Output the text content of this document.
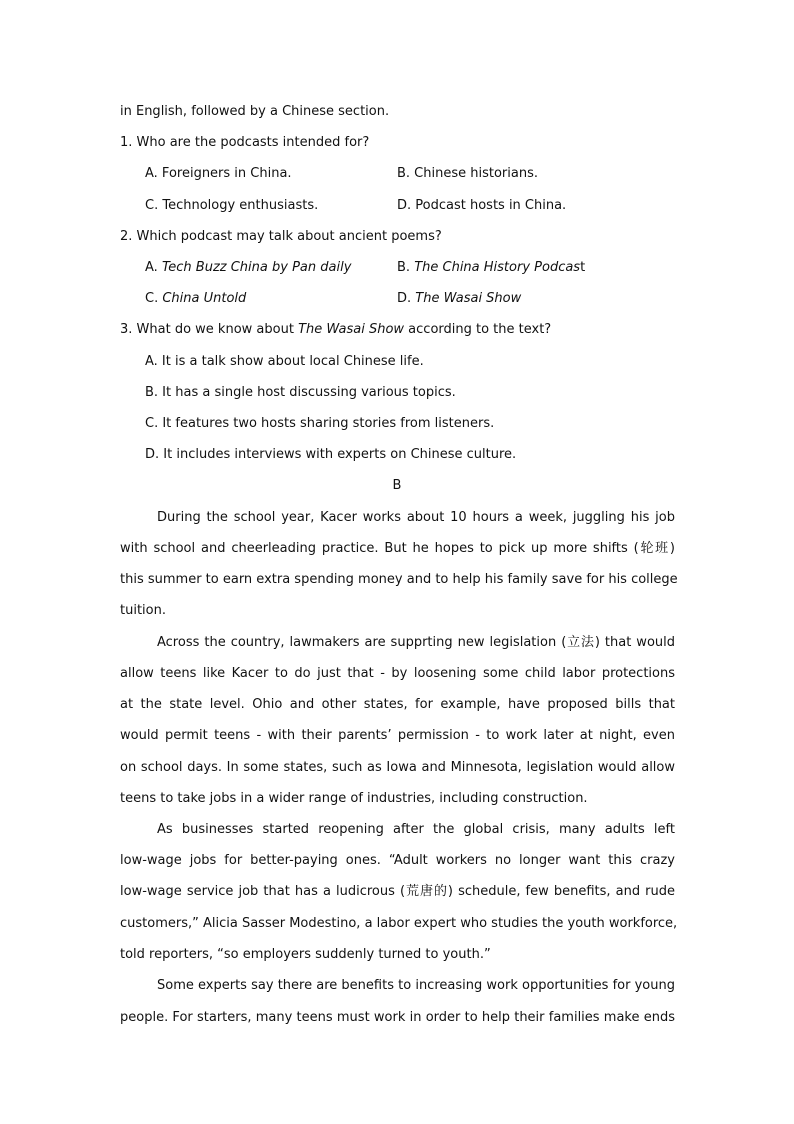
in English, followed by a Chinese section.
1. Who are the podcasts intended for?
A. Foreigners in China.	B. Chinese historians.
C. Technology enthusiasts.	D. Podcast hosts in China.
2. Which podcast may talk about ancient poems?
A. Tech Buzz China by Pan daily	B. The China History Podcast
C. China Untold	D. The Wasai Show
3. What do we know about The Wasai Show according to the text?
A. It is a talk show about local Chinese life.
B. It has a single host discussing various topics.
C. It features two hosts sharing stories from listeners.
D. It includes interviews with experts on Chinese culture.
B
During the school year, Kacer works about 10 hours a week, juggling his job
with school and cheerleading practice. But he hopes to pick up more shifts (轮班)
this summer to earn extra spending money and to help his family save for his college
tuition.
Across the country, lawmakers are supprting new legislation (立法) that would
allow teens like Kacer to do just that - by loosening some child labor protections
at the state level. Ohio and other states, for example, have proposed bills that
would permit teens - with their parents’ permission - to work later at night, even
on school days. In some states, such as Iowa and Minnesota, legislation would allow
teens to take jobs in a wider range of industries, including construction.
As businesses started reopening after the global crisis, many adults left
low-wage jobs for better-paying ones. “Adult workers no longer want this crazy
low-wage service job that has a ludicrous (荒唐的) schedule, few benefits, and rude
customers,” Alicia Sasser Modestino, a labor expert who studies the youth workforce,
told reporters, “so employers suddenly turned to youth.”
Some experts say there are benefits to increasing work opportunities for young
people. For starters, many teens must work in order to help their families make ends
